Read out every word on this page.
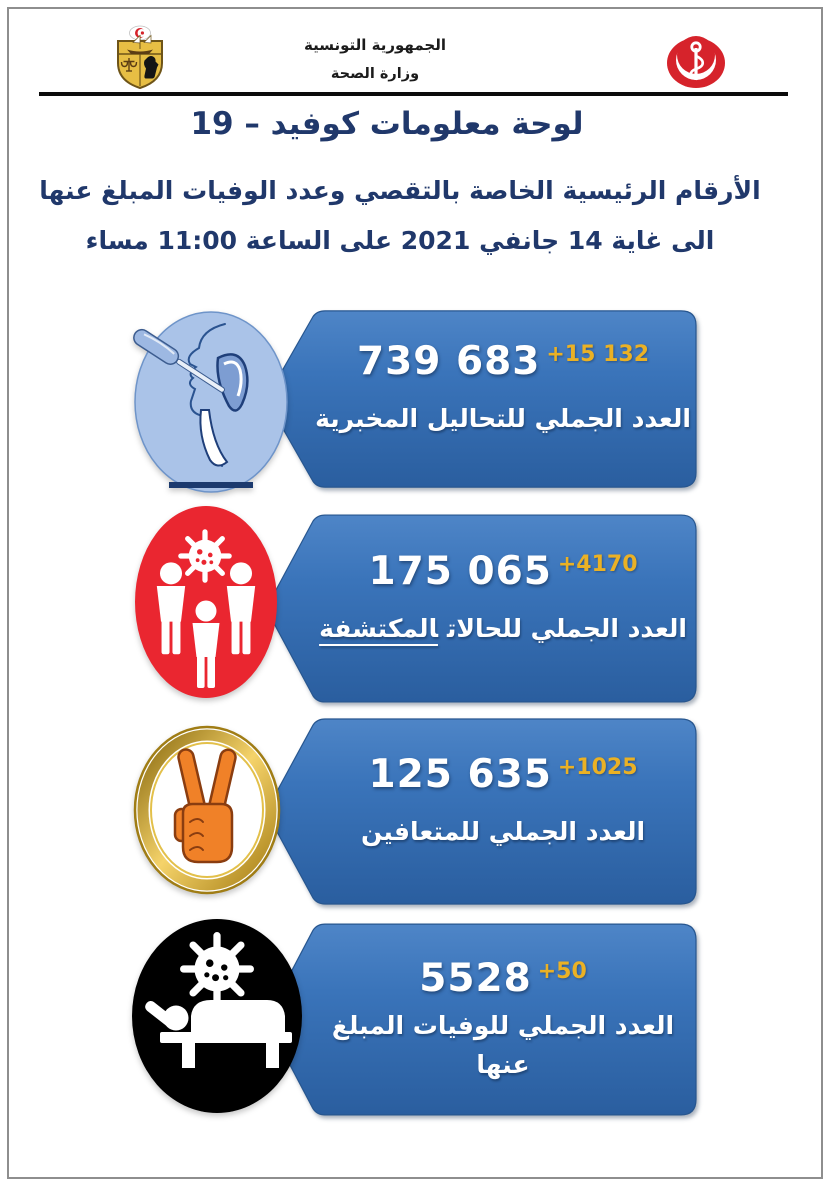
الجمهورية التونسية
وزارة الصحة
لوحة معلومات كوفيد – 19
الأرقام الرئيسية الخاصة بالتقصي وعدد الوفيات المبلغ عنها
الى غاية 14 جانفي 2021 على الساعة 11:00 مساء
739 683 +15 132
العدد الجملي للتحاليل المخبرية
175 065 +4170
العدد الجملي للحالاتالمكتشفة
125 635 +1025
العدد الجملي للمتعافين
5528 +50
العدد الجملي للوفيات المبلغ
عنها
